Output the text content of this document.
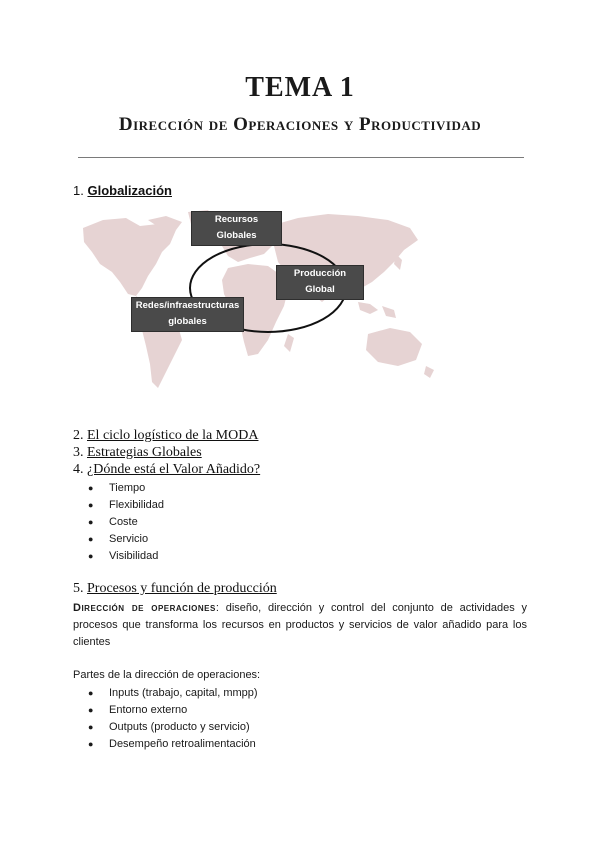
TEMA 1
Dirección de Operaciones y Productividad
1. Globalización
Recursos
Globales
Producción
Global
Redes/infraestructuras
globales
2. El ciclo logístico de la MODA
3. Estrategias Globales
4. ¿Dónde está el Valor Añadido?
● Tiempo
● Flexibilidad
● Coste
● Servicio
● Visibilidad
5. Procesos y función de producción
Dirección de operaciones: diseño, dirección y control del conjunto de actividades y procesos que transforma los recursos en productos y servicios de valor añadido para los clientes
Partes de la dirección de operaciones:
● Inputs (trabajo, capital, mmpp)
● Entorno externo
● Outputs (producto y servicio)
● Desempeño retroalimentación
